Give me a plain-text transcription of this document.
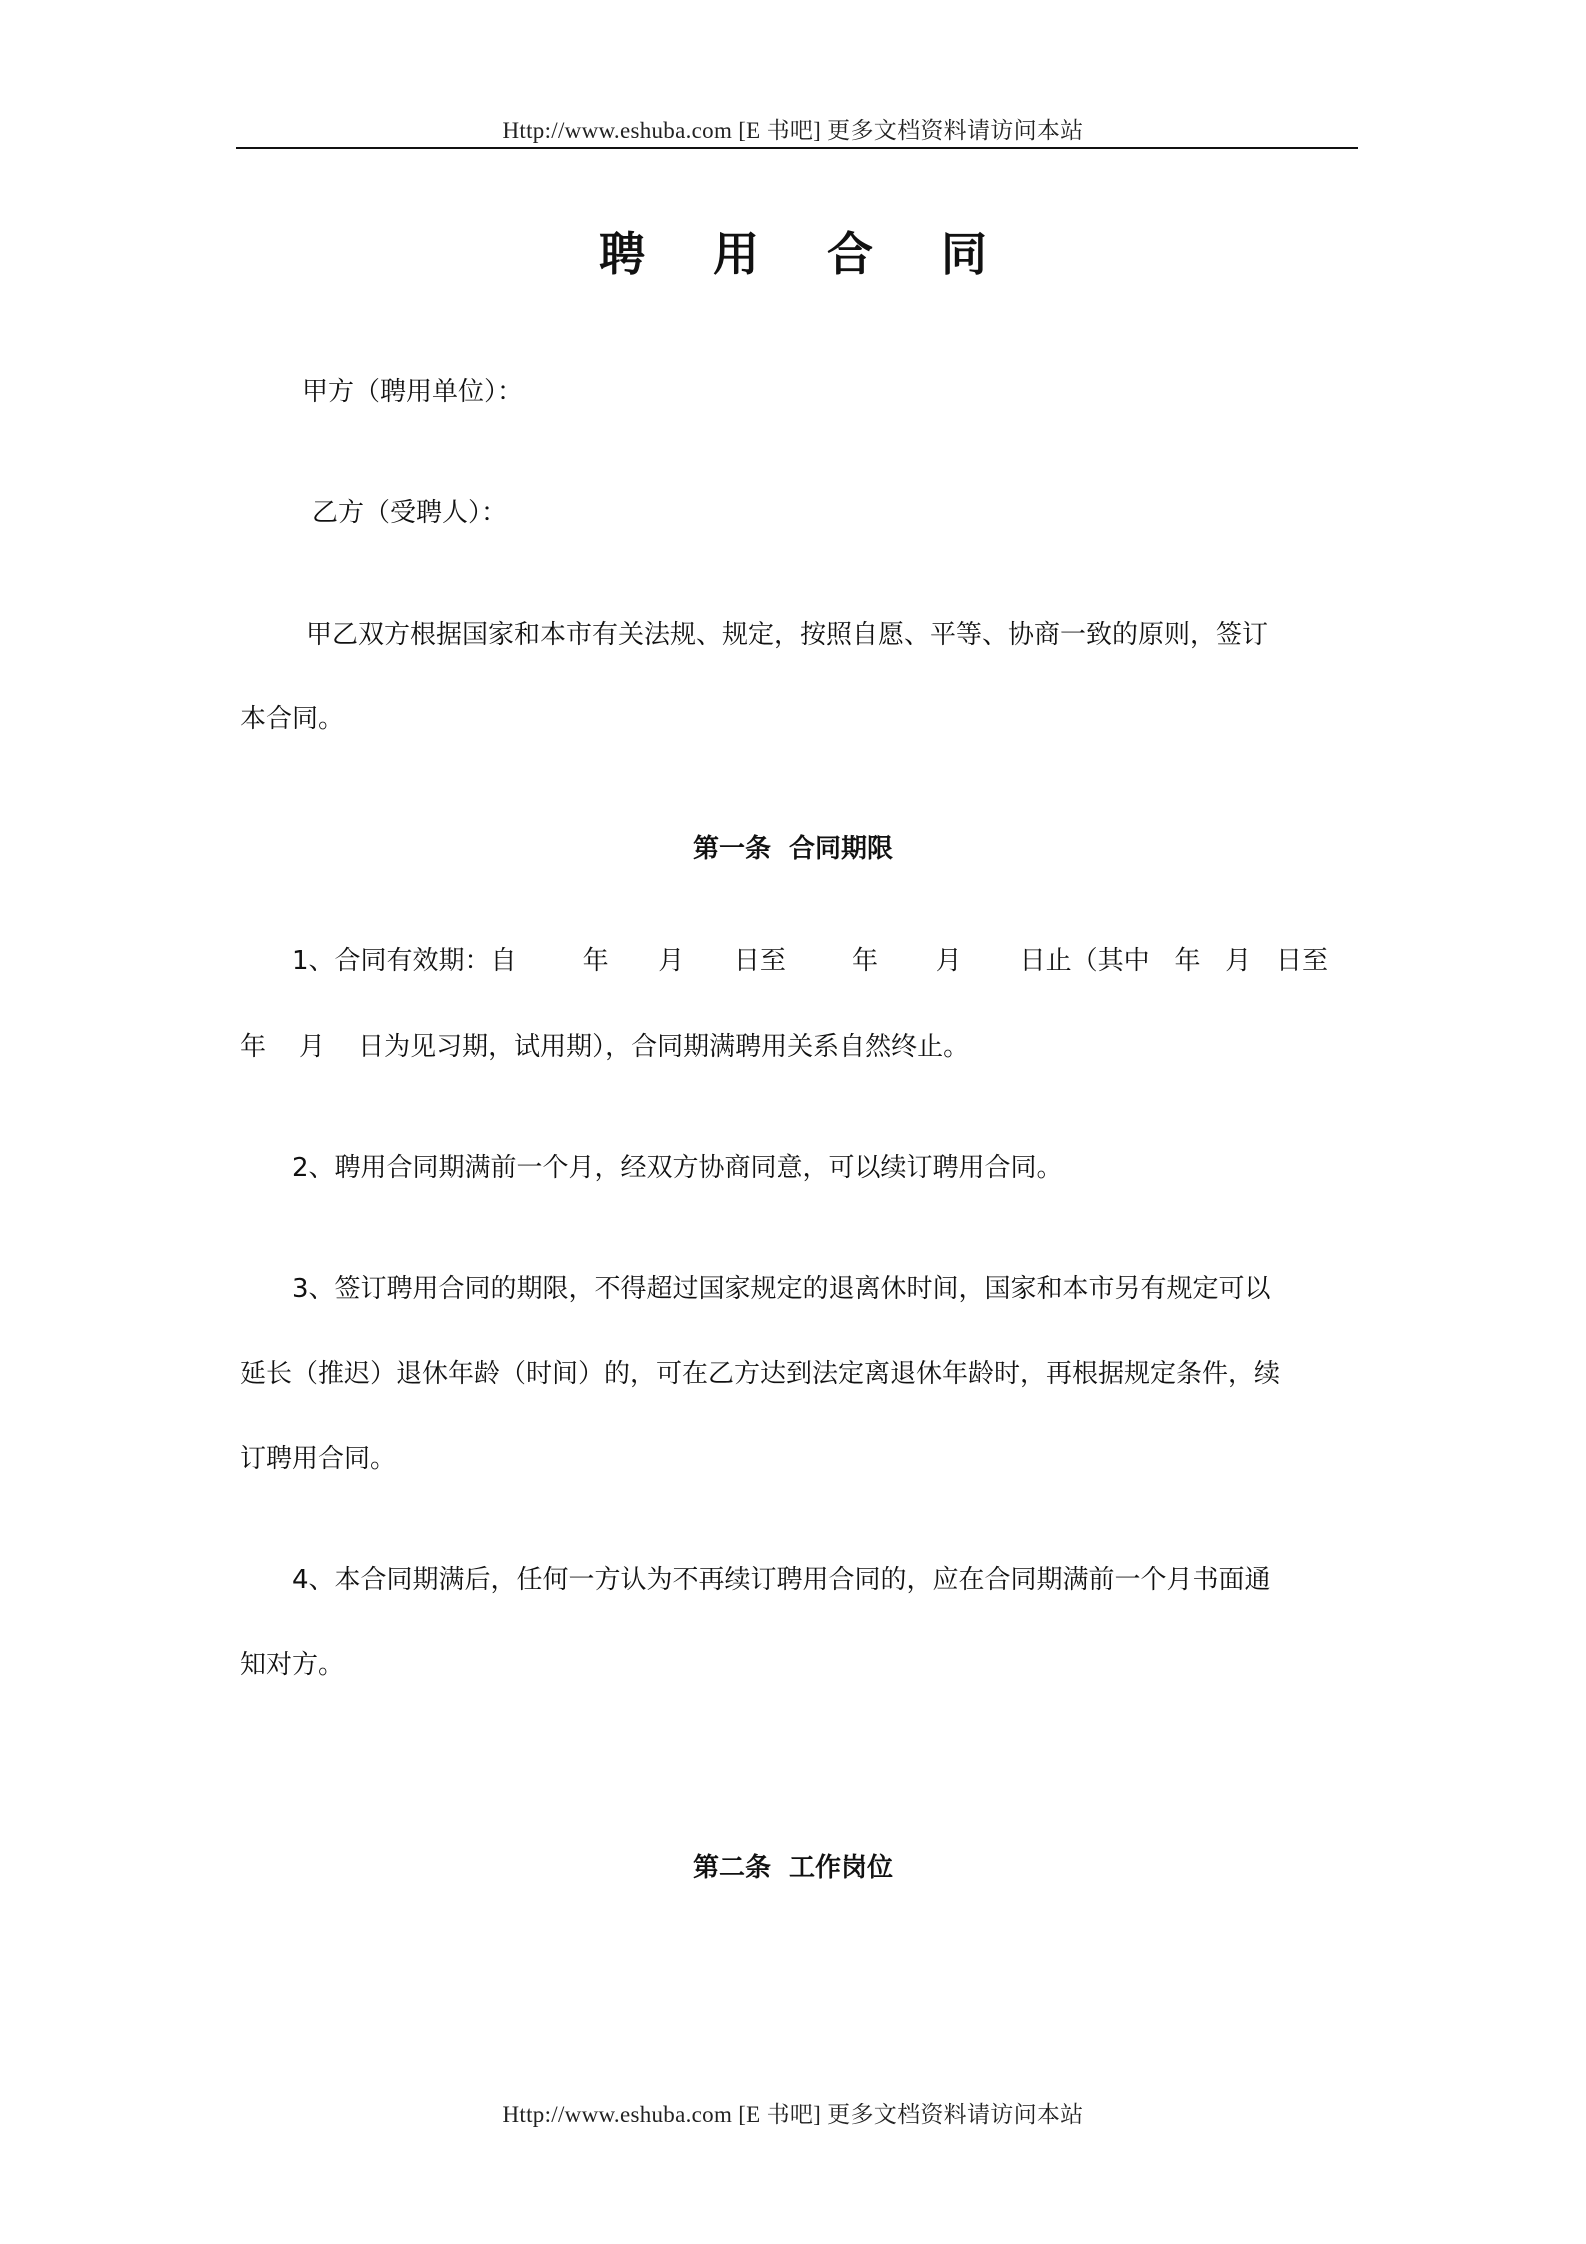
Http://www.eshuba.com [E 书吧] 更多文档资料请访问本站
聘 用 合 同
甲方（聘用单位）：
乙方（受聘人）：
甲乙双方根据国家和本市有关法规、规定，按照自愿、平等、协商一致的原则，签订
本合同。
第一条  合同期限
1、合同有效期：自        年      月      日至        年       月       日止（其中   年   月   日至
年    月    日为见习期，试用期），合同期满聘用关系自然终止。
2、聘用合同期满前一个月，经双方协商同意，可以续订聘用合同。
3、签订聘用合同的期限，不得超过国家规定的退离休时间，国家和本市另有规定可以
延长（推迟）退休年龄（时间）的，可在乙方达到法定离退休年龄时，再根据规定条件，续
订聘用合同。
4、本合同期满后，任何一方认为不再续订聘用合同的，应在合同期满前一个月书面通
知对方。
第二条  工作岗位
Http://www.eshuba.com [E 书吧] 更多文档资料请访问本站
